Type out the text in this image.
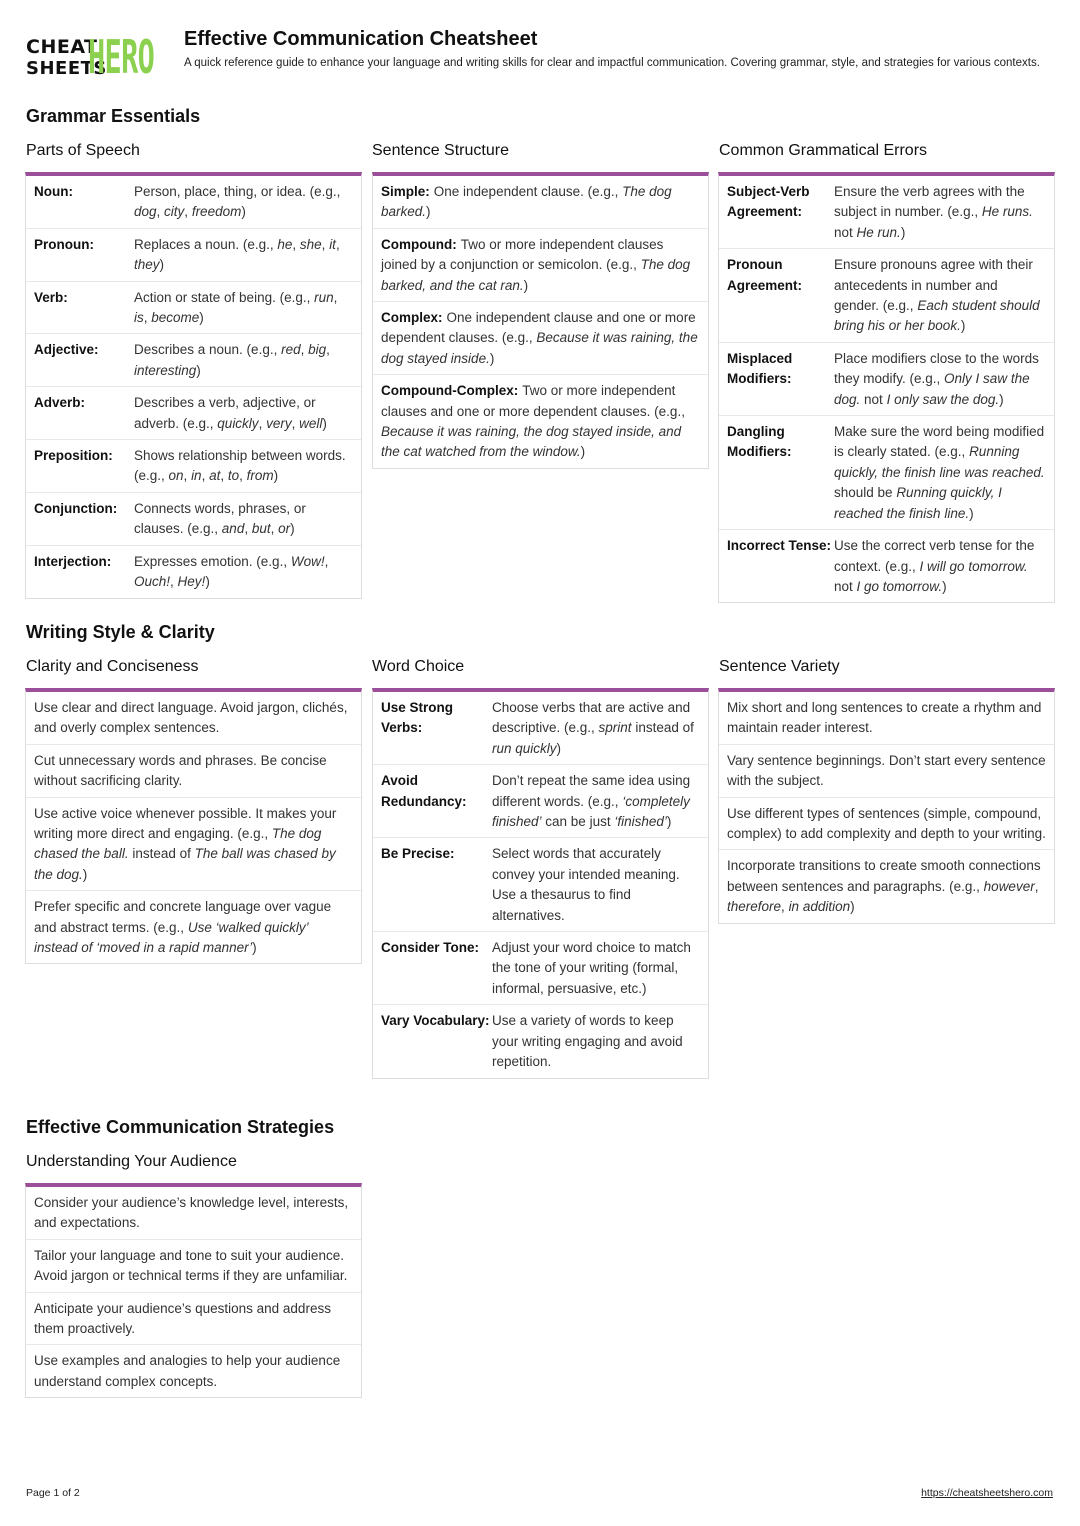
CHEAT
SHEETS
HERO Effective Communication Cheatsheet
A quick reference guide to enhance your language and writing skills for clear and impactful communication. Covering grammar, style, and strategies for various contexts.
Grammar Essentials
Parts of Speech
Noun:	Person, place, thing, or idea. (e.g., dog, city, freedom)
Pronoun:	Replaces a noun. (e.g., he, she, it, they)
Verb:	Action or state of being. (e.g., run, is, become)
Adjective:	Describes a noun. (e.g., red, big, interesting)
Adverb:	Describes a verb, adjective, or adverb. (e.g., quickly, very, well)
Preposition:	Shows relationship between words. (e.g., on, in, at, to, from)
Conjunction:	Connects words, phrases, or clauses. (e.g., and, but, or)
Interjection:	Expresses emotion. (e.g., Wow!, Ouch!, Hey!)
Sentence Structure
Simple: One independent clause. (e.g., The dog barked.)
Compound: Two or more independent clauses joined by a conjunction or semicolon. (e.g., The dog barked, and the cat ran.)
Complex: One independent clause and one or more dependent clauses. (e.g., Because it was raining, the dog stayed inside.)
Compound-Complex: Two or more independent clauses and one or more dependent clauses. (e.g., Because it was raining, the dog stayed inside, and the cat watched from the window.)
Common Grammatical Errors
Subject-Verb Agreement:
Ensure the verb agrees with the subject in number. (e.g., He runs. not He run.)
Pronoun Agreement:
Ensure pronouns agree with their antecedents in number and gender. (e.g., Each student should bring his or her book.)
Misplaced Modifiers:
Place modifiers close to the words they modify. (e.g., Only I saw the dog. not I only saw the dog.)
Dangling Modifiers:
Make sure the word being modified is clearly stated. (e.g., Running quickly, the finish line was reached. should be Running quickly, I reached the finish line.)
Incorrect Tense: Use the correct verb tense for the context. (e.g., I will go tomorrow. not I go tomorrow.)
Writing Style & Clarity
Clarity and Conciseness
Use clear and direct language. Avoid jargon, clichés, and overly complex sentences.
Cut unnecessary words and phrases. Be concise without sacrificing clarity.
Use active voice whenever possible. It makes your writing more direct and engaging. (e.g., The dog chased the ball. instead of The ball was chased by the dog.)
Prefer specific and concrete language over vague and abstract terms. (e.g., Use ‘walked quickly’ instead of ‘moved in a rapid manner’)
Word Choice
Use Strong Verbs:
Choose verbs that are active and descriptive. (e.g., sprint instead of run quickly)
Avoid Redundancy:
Don’t repeat the same idea using different words. (e.g., ‘completely finished’ can be just ‘finished’)
Be Precise:	Select words that accurately convey your intended meaning. Use a thesaurus to find alternatives.
Consider Tone: Adjust your word choice to match the tone of your writing (formal, informal, persuasive, etc.)
Vary Vocabulary: Use a variety of words to keep your writing engaging and avoid repetition.
Sentence Variety
Mix short and long sentences to create a rhythm and maintain reader interest.
Vary sentence beginnings. Don’t start every sentence with the subject.
Use different types of sentences (simple, compound, complex) to add complexity and depth to your writing.
Incorporate transitions to create smooth connections between sentences and paragraphs. (e.g., however, therefore, in addition)
Effective Communication Strategies
Understanding Your Audience
Consider your audience’s knowledge level, interests, and expectations.
Tailor your language and tone to suit your audience. Avoid jargon or technical terms if they are unfamiliar.
Anticipate your audience’s questions and address them proactively.
Use examples and analogies to help your audience understand complex concepts.
Page 1 of 2	https://cheatsheetshero.com
